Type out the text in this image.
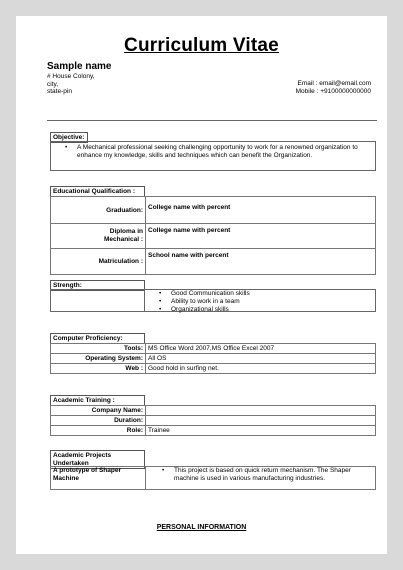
Curriculum Vitae
Sample name
# House Colony,
city,
state-pin
Email : email@email.com
Mobile : +9100000000000
Objective:
• A Mechanical professional seeking challenging opportunity to work for a renowned organization to enhance my knowledge, skills and techniques which can benefit the Organization.
Educational Qualification :
Graduation:	College name with percent
Diploma in Mechanical :	College name with percent
Matriculation :	School name with percent
Strength:
• Good Communication skills
• Ability to work in a team
• Organizational skills
Computer Proficiency:
Tools:	MS Office Word 2007,MS Office Excel 2007
Operating System:	All OS
Web :	Good hold in surfing net.
Academic Training :
Company Name:	
Duration:	
Role:	Trainee
Academic Projects Undertaken
A prototype of Shaper Machine	
• This project is based on quick return mechanism. The Shaper machine is used in various manufacturing industries.
PERSONAL INFORMATION
